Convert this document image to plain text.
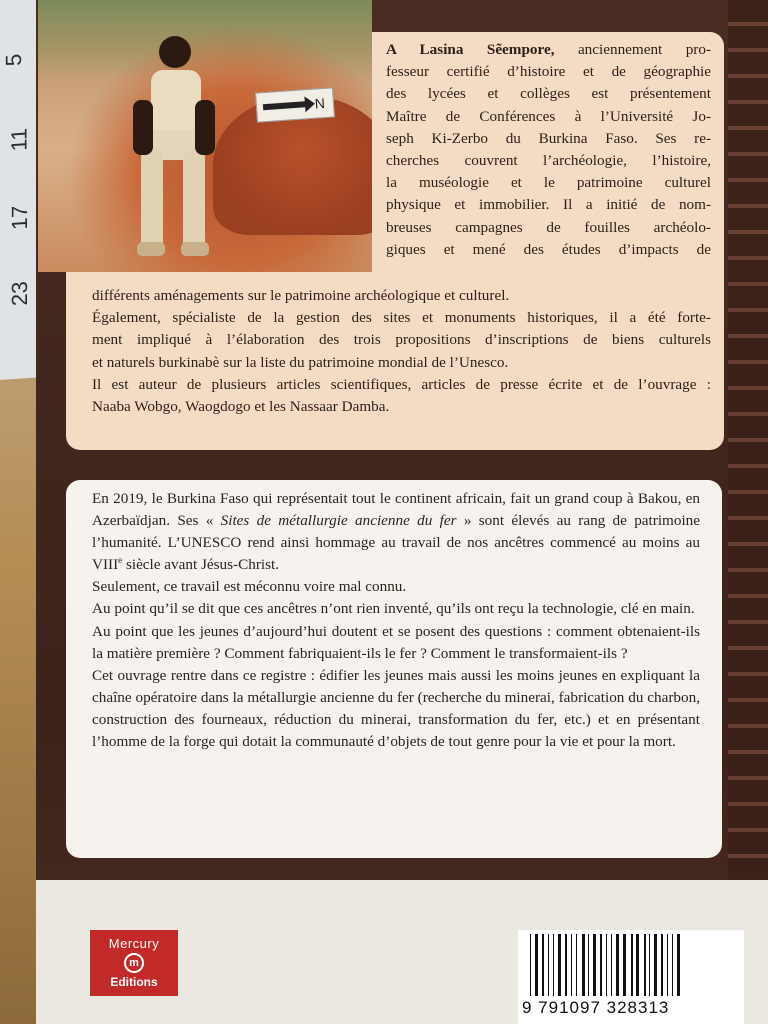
5
11
17
23
N
A Lasina Sẽempore, anciennement pro-
fesseur certifié d’histoire et de géographie
des lycées et collèges est présentement
Maître de Conférences à l’Université Jo-
seph Ki-Zerbo du Burkina Faso. Ses re-
cherches couvrent l’archéologie, l’histoire,
la muséologie et le patrimoine culturel
physique et immobilier. Il a initié de nom-
breuses campagnes de fouilles archéolo-
giques et mené des études d’impacts de
différents aménagements sur le patrimoine archéologique et culturel.
Également, spécialiste de la gestion des sites et monuments historiques, il a été forte-
ment impliqué à l’élaboration des trois propositions d’inscriptions de biens culturels
et naturels burkinabè sur la liste du patrimoine mondial de l’Unesco.
Il est auteur de plusieurs articles scientifiques, articles de presse écrite et de l’ouvrage :
Naaba Wobgo, Waogdogo et les Nassaar Damba.

En 2019, le Burkina Faso qui représentait tout le continent africain, fait un grand coup à Bakou, en Azerbaïdjan. Ses « Sites de métallurgie ancienne du fer » sont élevés au rang de patrimoine l’humanité. L’UNESCO rend ainsi hommage au travail de nos ancêtres commencé au moins au VIIIe siècle avant Jésus-Christ.

Seulement, ce travail est méconnu voire mal connu.

Au point qu’il se dit que ces ancêtres n’ont rien inventé, qu’ils ont reçu la technologie, clé en main.

Au point que les jeunes d’aujourd’hui doutent et se posent des questions : comment obtenaient-ils la matière première ? Comment fabriquaient-ils le fer ? Comment le transformaient-ils ?

Cet ouvrage rentre dans ce registre : édifier les jeunes mais aussi les moins jeunes en expliquant la chaîne opératoire dans la métallurgie ancienne du fer (recherche du minerai, fabrication du charbon, construction des fourneaux, réduction du minerai, transformation du fer, etc.) et en présentant l’homme de la forge qui dotait la communauté d’objets de tout genre pour la vie et pour la mort.

Mercury
m
Editions
9 791097 328313
